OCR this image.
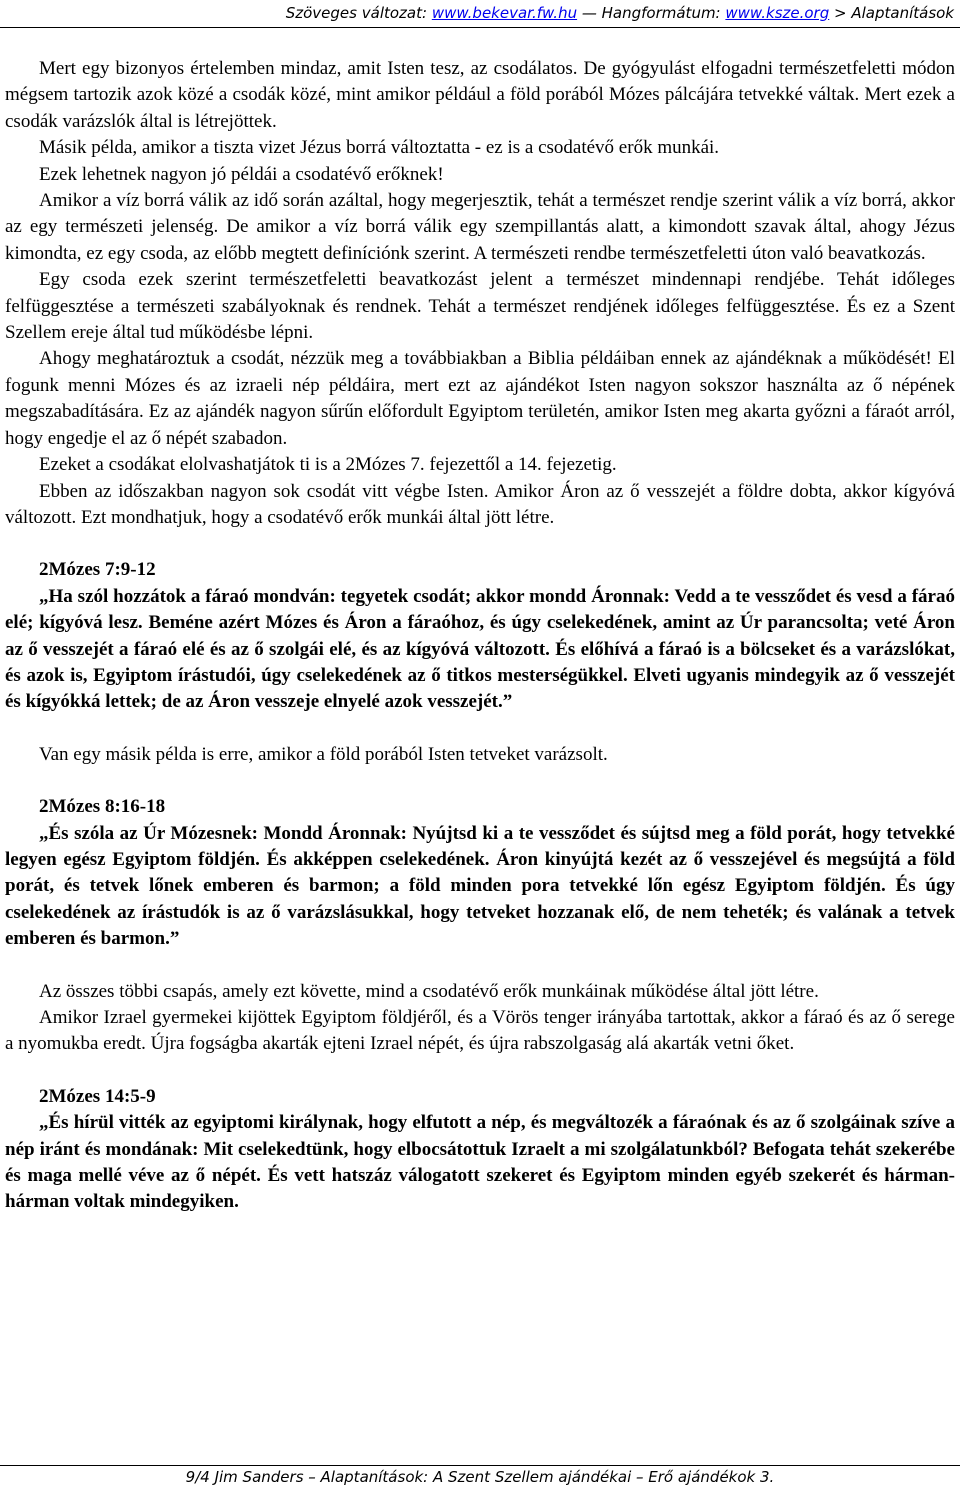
Szöveges változat: www.bekevar.fw.hu — Hangformátum: www.ksze.org > Alaptanítások

Mert egy bizonyos értelemben mindaz, amit Isten tesz, az csodálatos. De gyógyulást elfogadni természetfeletti módon mégsem tartozik azok közé a csodák közé, mint amikor például a föld porából Mózes pálcájára tetvekké váltak. Mert ezek a csodák varázslók által is létrejöttek.

Másik példa, amikor a tiszta vizet Jézus borrá változtatta - ez is a csodatévő erők munkái.

Ezek lehetnek nagyon jó példái a csodatévő erőknek!

Amikor a víz borrá válik az idő során azáltal, hogy megerjesztik, tehát a természet rendje szerint válik a víz borrá, akkor az egy természeti jelenség. De amikor a víz borrá válik egy szempillantás alatt, a kimondott szavak által, ahogy Jézus kimondta, ez egy csoda, az előbb megtett definíciónk szerint. A természeti rendbe természetfeletti úton való beavatkozás.

Egy csoda ezek szerint természetfeletti beavatkozást jelent a természet mindennapi rendjébe. Tehát időleges felfüggesztése a természeti szabályoknak és rendnek. Tehát a természet rendjének időleges felfüggesztése. És ez a Szent Szellem ereje által tud működésbe lépni.

Ahogy meghatároztuk a csodát, nézzük meg a továbbiakban a Biblia példáiban ennek az ajándéknak a működését! El fogunk menni Mózes és az izraeli nép példáira, mert ezt az ajándékot Isten nagyon sokszor használta az ő népének megszabadítására. Ez az ajándék nagyon sűrűn előfordult Egyiptom területén, amikor Isten meg akarta győzni a fáraót arról, hogy engedje el az ő népét szabadon.

Ezeket a csodákat elolvashatjátok ti is a 2Mózes 7. fejezettől a 14. fejezetig.

Ebben az időszakban nagyon sok csodát vitt végbe Isten. Amikor Áron az ő vesszejét a földre dobta, akkor kígyóvá változott. Ezt mondhatjuk, hogy a csodatévő erők munkái által jött létre.

2Mózes 7:9-12

„Ha szól hozzátok a fáraó mondván: tegyetek csodát; akkor mondd Áronnak: Vedd a te vessződet és vesd a fáraó elé; kígyóvá lesz. Beméne azért Mózes és Áron a fáraóhoz, és úgy cselekedének, amint az Úr parancsolta; veté Áron az ő vesszejét a fáraó elé és az ő szolgái elé, és az kígyóvá változott. És előhívá a fáraó is a bölcseket és a varázslókat, és azok is, Egyiptom írástudói, úgy cselekedének az ő titkos mesterségükkel. Elveti ugyanis mindegyik az ő vesszejét és kígyókká lettek; de az Áron vesszeje elnyelé azok vesszejét.”

Van egy másik példa is erre, amikor a föld porából Isten tetveket varázsolt.

2Mózes 8:16-18

„És szóla az Úr Mózesnek: Mondd Áronnak: Nyújtsd ki a te vessződet és sújtsd meg a föld porát, hogy tetvekké legyen egész Egyiptom földjén. És akképpen cselekedének. Áron kinyújtá kezét az ő vesszejével és megsújtá a föld porát, és tetvek lőnek emberen és barmon; a föld minden pora tetvekké lőn egész Egyiptom földjén. És úgy cselekedének az írástudók is az ő varázslásukkal, hogy tetveket hozzanak elő, de nem teheték; és valának a tetvek emberen és barmon.”

Az összes többi csapás, amely ezt követte, mind a csodatévő erők munkáinak működése által jött létre.

Amikor Izrael gyermekei kijöttek Egyiptom földjéről, és a Vörös tenger irányába tartottak, akkor a fáraó és az ő serege a nyomukba eredt. Újra fogságba akarták ejteni Izrael népét, és újra rabszolgaság alá akarták vetni őket.

2Mózes 14:5-9

„És hírül vitték az egyiptomi királynak, hogy elfutott a nép, és megváltozék a fáraónak és az ő szolgáinak szíve a nép iránt és mondának: Mit cselekedtünk, hogy elbocsátottuk Izraelt a mi szolgálatunkból? Befogata tehát szekerébe és maga mellé véve az ő népét. És vett hatszáz válogatott szekeret és Egyiptom minden egyéb szekerét és hárman-hárman voltak mindegyiken.

9/4 Jim Sanders – Alaptanítások: A Szent Szellem ajándékai – Erő ajándékok 3.
